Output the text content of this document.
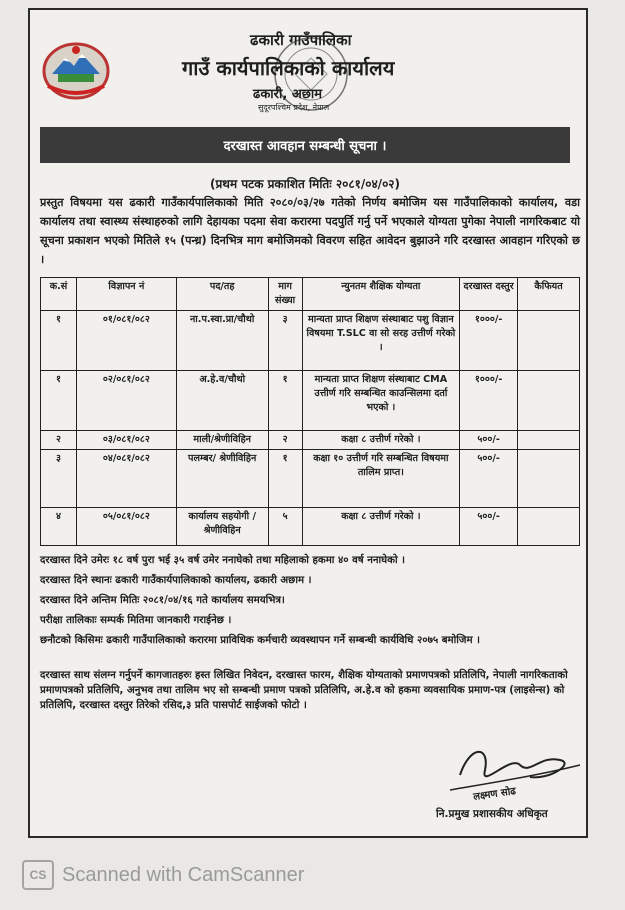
ढकारी गाउँपालिका
गाउँ कार्यपालिकाको कार्यालय
ढकारी, अछाम
सुदूरपश्चिम प्रदेश, नेपाल
दरखास्त आवहान सम्बन्धी सूचना ।
(प्रथम पटक प्रकाशित मितिः २०८१/०४/०२)
प्रस्तुत विषयमा यस ढकारी गाउँकार्यपालिकाको मिति २०८०/०३/२७ गतेको निर्णय बमोजिम यस गाउँपालिकाको कार्यालय, वडा कार्यालय तथा स्वास्थ्य संस्थाहरुको लागि देहायका पदमा सेवा करारमा पदपुर्ति गर्नु पर्ने भएकाले योग्यता पुगेका नेपाली नागरिकबाट यो सूचना प्रकाशन भएको मितिले १५ (पन्ध्र) दिनभित्र माग बमोजिमको विवरण सहित आवेदन बुझाउने गरि दरखास्त आवहान गरिएको छ ।
क.सं	विज्ञापन नं	पद/तह	माग संख्या	न्युनतम शैक्षिक योग्यता	दरखास्त दस्तुर	कैफियत
१	०१/०८१/०८२	ना.प.स्वा.प्रा/चौथो	३	मान्यता प्राप्त शिक्षण संस्थाबाट पशु विज्ञान विषयमा T.SLC वा सो सरह उत्तीर्ण गरेको ।	१०००/-	
१	०२/०८१/०८२	अ.हे.व/चौथो	१	मान्यता प्राप्त शिक्षण संस्थाबाट CMA उत्तीर्ण गरि सम्बन्धित काउन्सिलमा दर्ता भएको ।	१०००/-	
२	०३/०८१/०८२	माली/श्रेणीविहिन	२	कक्षा ८ उत्तीर्ण गरेको ।	५००/-	
३	०४/०८१/०८२	पलम्बर/ श्रेणीविहिन	१	कक्षा १० उत्तीर्ण गरि सम्बन्धित विषयमा तालिम प्राप्त।	५००/-	
४	०५/०८१/०८२	कार्यालय सहयोगी /श्रेणीविहिन	५	कक्षा ८ उत्तीर्ण गरेको ।	५००/-	
दरखास्त दिने उमेरः १८ वर्ष पुरा भई ३५ वर्ष उमेर ननाघेको तथा महिलाको हकमा ४० वर्ष ननाघेको ।
दरखास्त दिने स्थानः ढकारी गाउँकार्यपालिकाको कार्यालय, ढकारी अछाम ।
दरखास्त दिने अन्तिम मितिः २०८१/०४/१६ गते कार्यालय समयभित्र।
परीक्षा तालिकाः सम्पर्क मितिमा जानकारी गराईनेछ ।
छनौटको किसिमः ढकारी गाउँपालिकाको करारमा प्राविधिक कर्मचारी व्यवस्थापन गर्ने सम्बन्धी कार्यविधि २०७५ बमोजिम ।
दरखास्त साथ संलग्न गर्नुपर्ने कागजातहरुः हस्त लिखित निवेदन, दरखास्त फारम, शैक्षिक योग्यताको प्रमाणपत्रको प्रतिलिपि, नेपाली नागरिकताको प्रमाणपत्रको प्रतिलिपि, अनुभव तथा तालिम भए सो सम्बन्धी प्रमाण पत्रको प्रतिलिपि, अ.हे.व को हकमा व्यवसायिक प्रमाण-पत्र (लाइसेन्स) को प्रतिलिपि, दरखास्त दस्तुर तिरेको रसिद,३ प्रति पासपोर्ट साईजको फोटो ।
लक्ष्मण सोढ
नि.प्रमुख प्रशासकीय अधिकृत
CS Scanned with CamScanner
